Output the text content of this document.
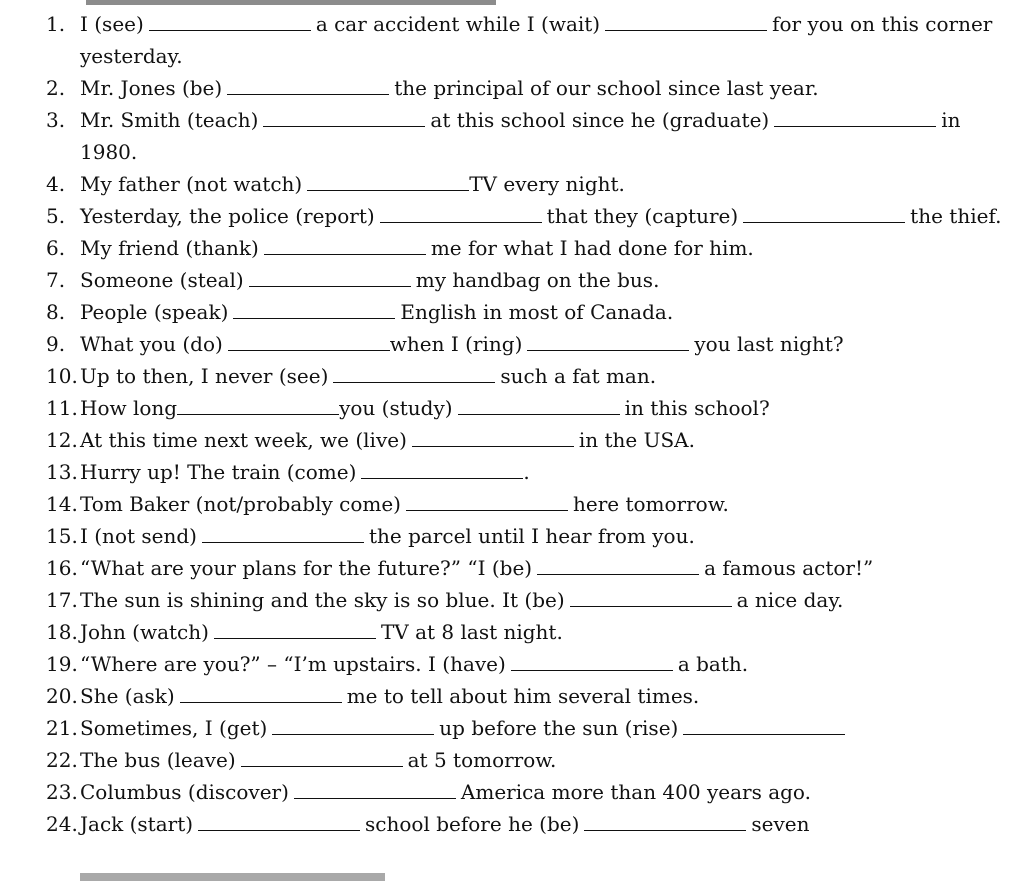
1. I (see)	a car accident while I (wait)	for you on this corner yesterday.
2. Mr. Jones (be)	the principal of our school since last year.
3. Mr. Smith (teach)	at this school since he (graduate)	in 1980.
4. My father (not watch)	TV every night.
5. Yesterday, the police (report)	that they (capture)	the thief.
6. My friend (thank)	me for what I had done for him.
7. Someone (steal)	my handbag on the bus.
8. People (speak)	English in most of Canada.
9. What you (do)	when I (ring)	you last night?
10. Up to then, I never (see)	such a fat man.
11. How long	you (study)	in this school?
12. At this time next week, we (live)	in the USA.
13. Hurry up! The train (come)	.
14. Tom Baker (not/probably come)	here tomorrow.
15. I (not send)	the parcel until I hear from you.
16. “What are your plans for the future?” “I (be)	a famous actor!”
17. The sun is shining and the sky is so blue. It (be)	a nice day.
18. John (watch)	TV at 8 last night.
19. “Where are you?” – “I’m upstairs. I (have)	a bath.
20. She (ask)	me to tell about him several times.
21. Sometimes, I (get)	up before the sun (rise)
22. The bus (leave)	at 5 tomorrow.
23. Columbus (discover)	America more than 400 years ago.
24. Jack (start)	school before he (be)	seven
